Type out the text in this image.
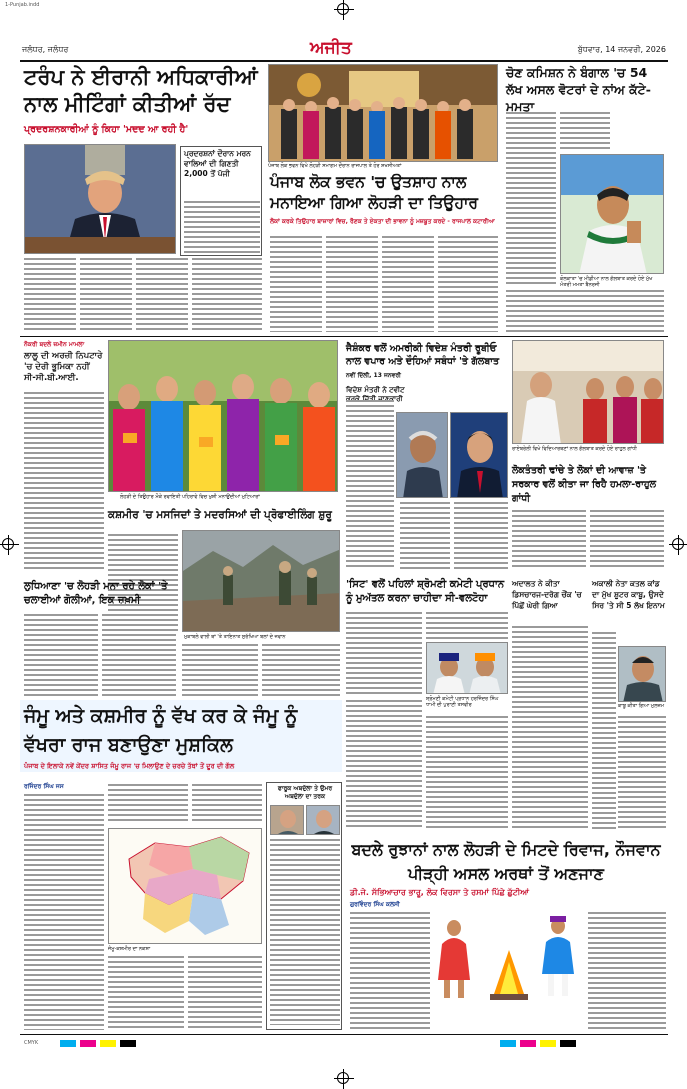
1-Punjab.indd
ਜਲੰਧਰ, ਜਲੰਧਰ	ਅਜੀਤ	ਬੁੱਧਵਾਰ, 14 ਜਨਵਰੀ, 2026
ਟਰੰਪ ਨੇ ਈਰਾਨੀ ਅਧਿਕਾਰੀਆਂ ਨਾਲ ਮੀਟਿੰਗਾਂ ਕੀਤੀਆਂ ਰੱਦ
ਪ੍ਰਦਰਸ਼ਨਕਾਰੀਆਂ ਨੂੰ ਕਿਹਾ 'ਮਦਦ ਆ ਰਹੀ ਹੈ'
ਪ੍ਰਦਰਸ਼ਨਾਂ ਦੌਰਾਨ ਮਰਨ ਵਾਲਿਆਂ ਦੀ ਗਿਣਤੀ 2,000 ਤੋਂ ਪੱਜੀ
ਪੰਜਾਬ ਲੋਕ ਭਵਨ ਵਿਖੇ ਲੋਹੜੀ ਸਮਾਗਮ ਦੌਰਾਨ ਰਾਜਪਾਲ ਤੇ ਹੋਰ ਸ਼ਖਸੀਅਤਾਂ
ਪੰਜਾਬ ਲੋਕ ਭਵਨ 'ਚ ਉਤਸ਼ਾਹ ਨਾਲ ਮਨਾਇਆ ਗਿਆ ਲੋਹੜੀ ਦਾ ਤਿਉਹਾਰ
ਲੋਕਾਂ ਕਰਕੇ ਤਿਉਹਾਰ ਬਾਜ਼ਾਰਾਂ ਵਿਚ, ਰੌਣਕ ਤੇ ਏਕਤਾ ਦੀ ਭਾਵਨਾ ਨੂੰ ਮਜ਼ਬੂਤ ਕਰਦੇ - ਰਾਜਪਾਲ ਕਟਾਰੀਆ
ਚੋਣ ਕਮਿਸ਼ਨ ਨੇ ਬੰਗਾਲ 'ਚ 54 ਲੱਖ ਅਸਲ ਵੋਟਰਾਂ ਦੇ ਨਾਂਅ ਕੱਟੇ-ਮਮਤਾ
ਕੋਲਕਾਤਾ 'ਚ ਮੀਡੀਆ ਨਾਲ ਗੱਲਬਾਤ ਕਰਦੇ ਹੋਏ ਮੁੱਖ ਮੰਤਰੀ ਮਮਤਾ ਬੈਨਰਜੀ
ਨੌਕਰੀ ਬਦਲੇ ਜ਼ਮੀਨ ਮਾਮਲਾ
ਲਾਲੂ ਦੀ ਅਰਜ਼ੀ ਨਿਪਟਾਰੇ 'ਚ ਦੇਰੀ ਭੂਮਿਕਾ ਨਹੀਂ ਸੀ-ਸੀ.ਬੀ.ਆਈ.
ਲੋਹੜੀ ਦੇ ਤਿਉਹਾਰ ਮੌਕੇ ਰਵਾਇਤੀ ਪਹਿਰਾਵੇ ਵਿਚ ਖੁਸ਼ੀ ਮਨਾਉਂਦੀਆਂ ਮੁਟਿਆਰਾਂ
ਜੈਸ਼ੰਕਰ ਵਲੋਂ ਅਮਰੀਕੀ ਵਿਦੇਸ਼ ਮੰਤਰੀ ਰੂਬੀਓ ਨਾਲ ਵਪਾਰ ਅਤੇ ਦੌਹਿਆਂ ਸਬੰਧਾਂ 'ਤੇ ਗੱਲਬਾਤ
ਨਵੀਂ ਦਿੱਲੀ, 13 ਜਨਵਰੀ
ਵਿਦੇਸ਼ ਮੰਤਰੀ ਨੇ ਟਵੀਟ ਕਰਕੇ ਦਿੱਤੀ ਜਾਣਕਾਰੀ
ਰਾਏਬਰੇਲੀ ਵਿਖੇ ਵਿਦਿਆਰਥਣਾਂ ਨਾਲ ਗੱਲਬਾਤ ਕਰਦੇ ਹੋਏ ਰਾਹੁਲ ਗਾਂਧੀ
ਲੋਕਤੰਤਰੀ ਢਾਂਚੇ ਤੇ ਲੋਕਾਂ ਦੀ ਆਵਾਜ਼ 'ਤੇ ਸਰਕਾਰ ਵਲੋਂ ਕੀਤਾ ਜਾ ਰਿਹੈ ਹਮਲਾ-ਰਾਹੁਲ ਗਾਂਧੀ
ਕਸ਼ਮੀਰ 'ਚ ਮਸਜਿਦਾਂ ਤੇ ਮਦਰਸਿਆਂ ਦੀ ਪ੍ਰੋਫਾਈਲਿੰਗ ਸ਼ੁਰੂ
ਮੁਕਾਬਲੇ ਵਾਲੀ ਥਾਂ 'ਤੇ ਤਾਇਨਾਤ ਸੁਰੱਖਿਆ ਬਲਾਂ ਦੇ ਜਵਾਨ
ਲੁਧਿਆਣਾ 'ਚ ਲੋਹੜੀ ਮਨਾ ਰਹੇ ਲੋਕਾਂ 'ਤੇ ਚਲਾਈਆਂ ਗੋਲੀਆਂ, ਇਕ ਜ਼ਖ਼ਮੀ
'ਸਿਟ' ਵਲੋਂ ਪਹਿਲਾਂ ਸ਼੍ਰੋਮਣੀ ਕਮੇਟੀ ਪ੍ਰਧਾਨ ਨੂੰ ਮੁਅੱਤਲ ਕਰਨਾ ਚਾਹੀਦਾ ਸੀ-ਵਲਟੋਹਾ
ਸ਼੍ਰੋਮਣੀ ਕਮੇਟੀ ਪ੍ਰਧਾਨ ਹਰਜਿੰਦਰ ਸਿੰਘ ਧਾਮੀ ਦੀ ਪੁਰਾਣੀ ਤਸਵੀਰ
ਅਦਾਲਤ ਨੇ ਕੀਤਾ ਡਿਸਚਾਰਜ-ਦਰੋਗ ਚੌਂਕ 'ਚ ਪਿੱਛੋਂ ਘੇਰੀ ਗਿਆ
ਅਕਾਲੀ ਨੇਤਾ ਕਤਲ ਕਾਂਡ ਦਾ ਮੁੱਖ ਸ਼ੂਟਰ ਕਾਬੂ, ਉਸਦੇ ਸਿਰ 'ਤੇ ਸੀ 5 ਲੱਖ ਇਨਾਮ
ਕਾਬੂ ਕੀਤਾ ਗਿਆ ਮੁਲਜ਼ਮ
ਜੰਮੂ ਅਤੇ ਕਸ਼ਮੀਰ ਨੂੰ ਵੱਖ ਕਰ ਕੇ ਜੰਮੂ ਨੂੰ ਵੱਖਰਾ ਰਾਜ ਬਣਾਉਣਾ ਮੁਸ਼ਕਿਲ
ਪੰਜਾਬ ਦੇ ਇਲਾਕੇ ਨਵੇਂ ਕੇਂਦਰ ਸ਼ਾਸਿਤ ਜੰਮੂ ਰਾਜ 'ਚ ਮਿਲਾਉਣ ਦੇ ਚਰਚੇ ਤੱਥਾਂ ਤੋਂ ਦੂਰ ਦੀ ਗੱਲ
ਰਜਿੰਦਰ ਸਿੰਘ ਜਸ	ਫਾਰੂਕ ਅਬਦੁੱਲਾ ਤੇ ਉਮਰ ਅਬਦੁੱਲਾ ਦਾ ਤਰਕ
ਜੰਮੂ-ਕਸ਼ਮੀਰ ਦਾ ਨਕਸ਼ਾ
ਬਦਲੇ ਰੁਝਾਨਾਂ ਨਾਲ ਲੋਹੜੀ ਦੇ ਮਿਟਦੇ ਰਿਵਾਜ, ਨੌਜਵਾਨ ਪੀੜ੍ਹੀ ਅਸਲ ਅਰਥਾਂ ਤੋਂ ਅਣਜਾਣ
ਡੀ.ਜੇ. ਸੱਭਿਆਚਾਰ ਭਾਰੂ, ਲੋਕ ਵਿਰਸਾ ਤੇ ਰਸਮਾਂ ਪਿੱਛੇ ਛੁੱਟੀਆਂ
ਗੁਰਵਿੰਦਰ ਸਿੰਘ ਕਲਸੀ
CMYK
